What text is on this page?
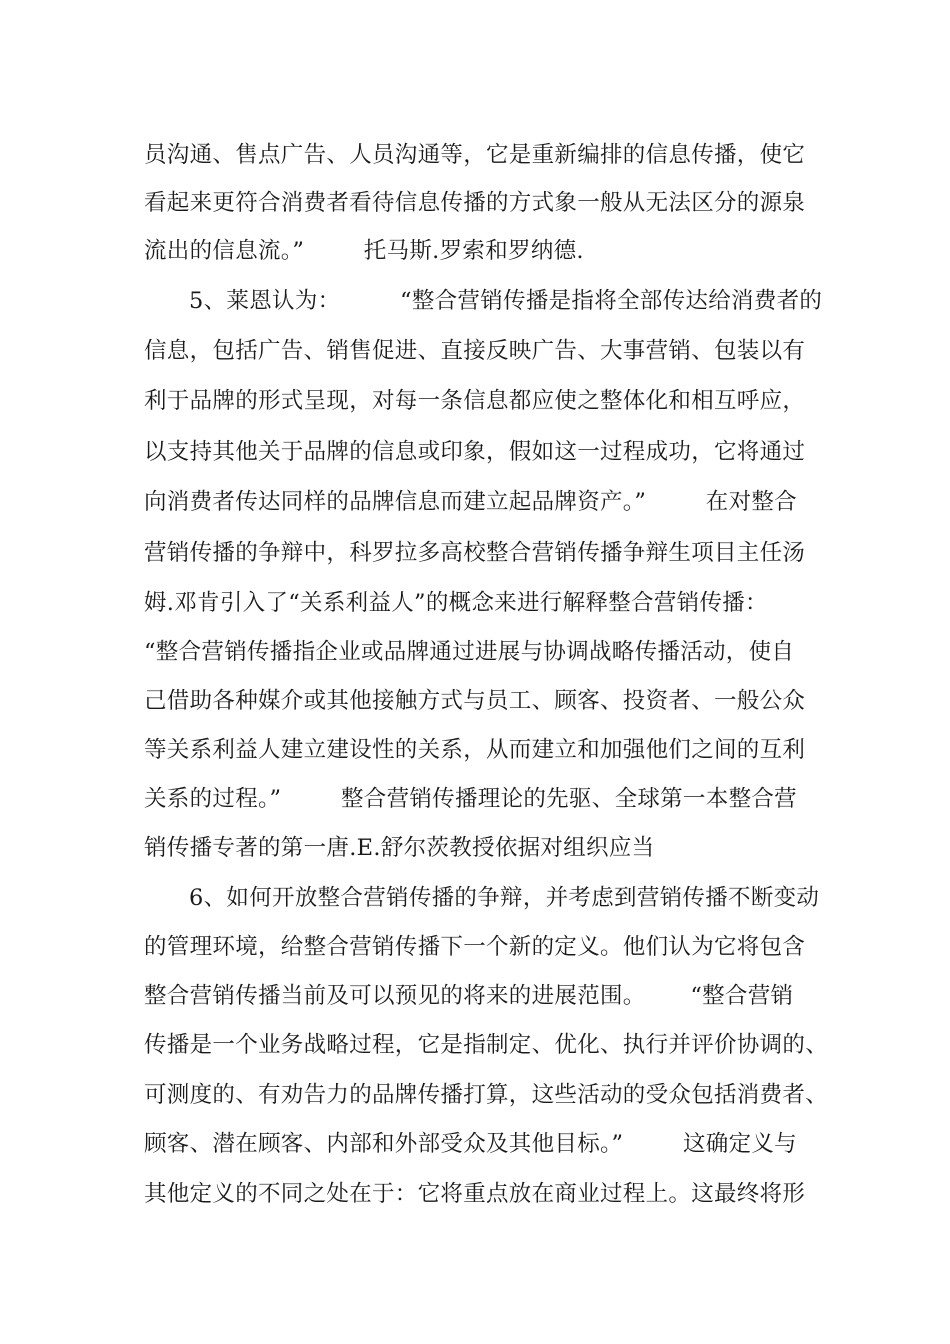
员沟通、售点广告、人员沟通等，它是重新编排的信息传播，使它
看起来更符合消费者看待信息传播的方式象一般从无法区分的源泉
流出的信息流。”        托马斯.罗索和罗纳德.
5、莱恩认为：        “整合营销传播是指将全部传达给消费者的
信息，包括广告、销售促进、直接反映广告、大事营销、包装以有
利于品牌的形式呈现，对每一条信息都应使之整体化和相互呼应，
以支持其他关于品牌的信息或印象，假如这一过程成功，它将通过
向消费者传达同样的品牌信息而建立起品牌资产。”        在对整合
营销传播的争辩中，科罗拉多高校整合营销传播争辩生项目主任汤
姆.邓肯引入了“关系利益人”的概念来进行解释整合营销传播：
“整合营销传播指企业或品牌通过进展与协调战略传播活动，使自
己借助各种媒介或其他接触方式与员工、顾客、投资者、一般公众
等关系利益人建立建设性的关系，从而建立和加强他们之间的互利
关系的过程。”        整合营销传播理论的先驱、全球第一本整合营
销传播专著的第一唐.E.舒尔茨教授依据对组织应当
6、如何开放整合营销传播的争辩，并考虑到营销传播不断变动
的管理环境，给整合营销传播下一个新的定义。他们认为它将包含
整合营销传播当前及可以预见的将来的进展范围。      “整合营销
传播是一个业务战略过程，它是指制定、优化、执行并评价协调的、
可测度的、有劝告力的品牌传播打算，这些活动的受众包括消费者、
顾客、潜在顾客、内部和外部受众及其他目标。”        这确定义与
其他定义的不同之处在于：它将重点放在商业过程上。这最终将形
